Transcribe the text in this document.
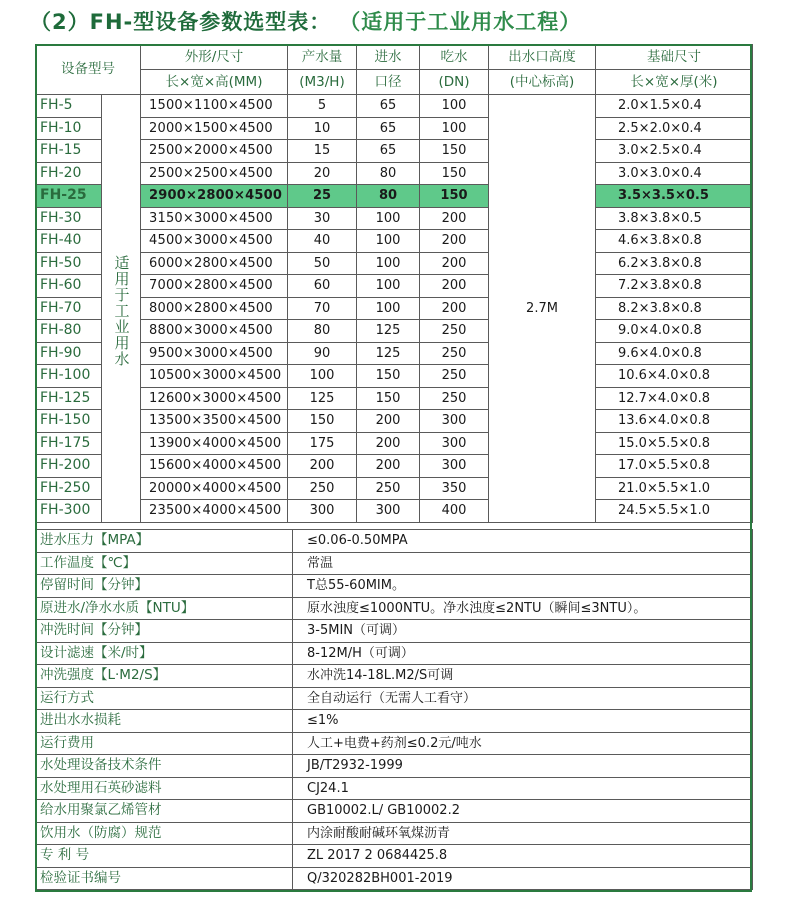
（2）FH-型设备参数选型表： （适用于工业用水工程）
设备型号		外形/尺寸	产水量	进水	吃水	出水口高度	基础尺寸
		长×宽×高(MM)	(M3/H)	口径	(DN)	(中心标高)	长×宽×厚(米)
FH-5	适用于工业用水	1500×1100×4500	5	65	100	2.7M	2.0×1.5×0.4
FH-10		2000×1500×4500	10	65	100		2.5×2.0×0.4
FH-15		2500×2000×4500	15	65	150		3.0×2.5×0.4
FH-20		2500×2500×4500	20	80	150		3.0×3.0×0.4
FH-25		2900×2800×4500	25	80	150		3.5×3.5×0.5
FH-30		3150×3000×4500	30	100	200		3.8×3.8×0.5
FH-40		4500×3000×4500	40	100	200		4.6×3.8×0.8
FH-50		6000×2800×4500	50	100	200		6.2×3.8×0.8
FH-60		7000×2800×4500	60	100	200		7.2×3.8×0.8
FH-70		8000×2800×4500	70	100	200		8.2×3.8×0.8
FH-80		8800×3000×4500	80	125	250		9.0×4.0×0.8
FH-90		9500×3000×4500	90	125	250		9.6×4.0×0.8
FH-100		10500×3000×4500	100	150	250		10.6×4.0×0.8
FH-125		12600×3000×4500	125	150	250		12.7×4.0×0.8
FH-150		13500×3500×4500	150	200	300		13.6×4.0×0.8
FH-175		13900×4000×4500	175	200	300		15.0×5.5×0.8
FH-200		15600×4000×4500	200	200	300		17.0×5.5×0.8
FH-250		20000×4000×4500	250	250	350		21.0×5.5×1.0
FH-300		23500×4000×4500	300	300	400		24.5×5.5×1.0
进水压力【MPA】	≤0.06-0.50MPA
工作温度【℃】	常温
停留时间【分钟】	T总55-60MIM。
原进水/净水水质【NTU】	原水浊度≤1000NTU。净水浊度≤2NTU（瞬间≤3NTU）。
冲洗时间【分钟】	3-5MIN（可调）
设计滤速【米/时】	8-12M/H（可调）
冲洗强度【L·M2/S】	水冲洗14-18L.M2/S可调
运行方式	全自动运行（无需人工看守）
进出水水损耗	≤1%
运行费用	人工+电费+药剂≤0.2元/吨水
水处理设备技术条件	JB/T2932-1999
水处理用石英砂滤料	CJ24.1
给水用聚氯乙烯管材	GB10002.L/ GB10002.2
饮用水（防腐）规范	内涂耐酸耐碱环氧煤沥青
专 利 号	ZL 2017 2 0684425.8
检验证书编号	Q/320282BH001-2019
